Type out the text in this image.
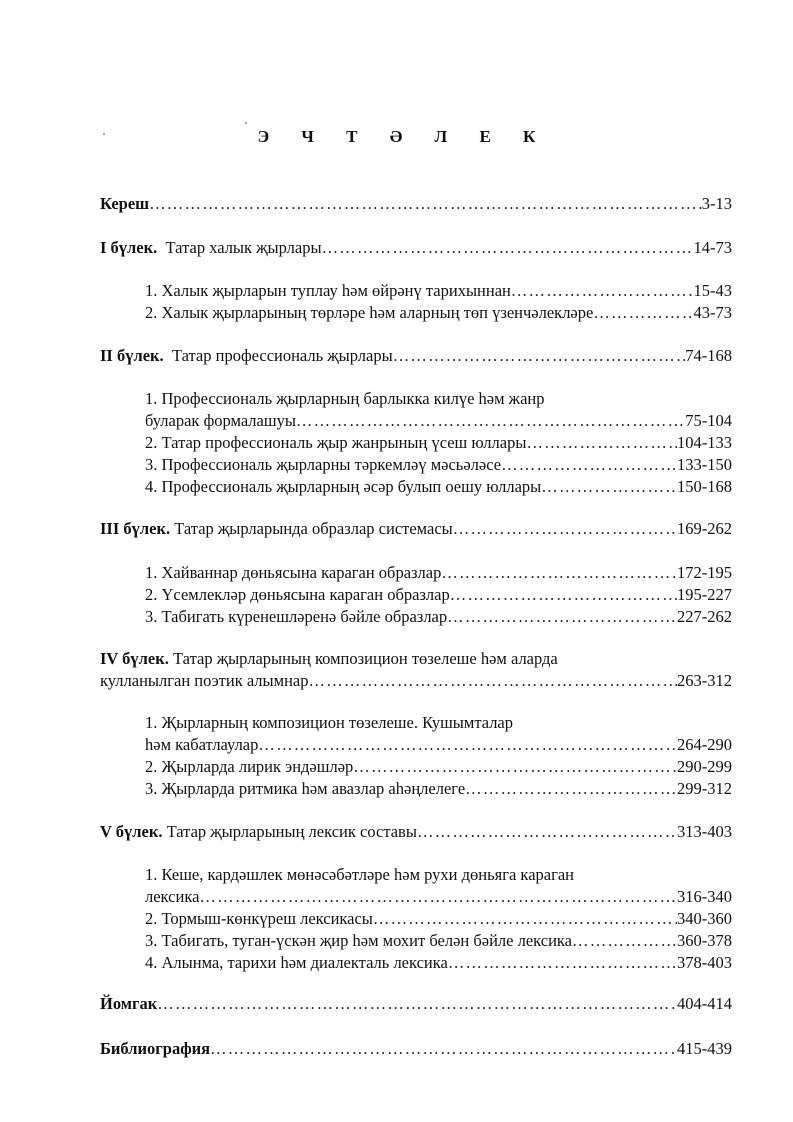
Э Ч Т Ә Л Е К
Кереш ……………………………………………………………………………………………………………………………………………………	3-13
I бүлек. Татар халык җырлары ……………………………………………………………………………………………………………………………………………………	14-73
1. Халык җырларын туплау һәм өйрәнү тарихыннан ……………………………………………………………………………………………………………………………………………………	15-43
2. Халык җырларының төрләре һәм аларның төп үзенчәлекләре ……………………………………………………………………………………………………………………………………………………	43-73
II бүлек. Татар профессиональ җырлары ……………………………………………………………………………………………………………………………………………………	74-168
1. Профессиональ җырларның барлыкка килүе һәм жанр
буларак формалашуы ……………………………………………………………………………………………………………………………………………………	75-104
2. Татар профессиональ җыр жанрының үсеш юллары ……………………………………………………………………………………………………………………………………………………	104-133
3. Профессиональ җырларны тәркемләү мәсьәләсе ……………………………………………………………………………………………………………………………………………………	133-150
4. Профессиональ җырларның әсәр булып оешу юллары ……………………………………………………………………………………………………………………………………………………	150-168
III бүлек. Татар җырларында образлар системасы ……………………………………………………………………………………………………………………………………………………	169-262
1. Хайваннар дөньясына караган образлар ……………………………………………………………………………………………………………………………………………………	172-195
2. Үсемлекләр дөньясына караган образлар ……………………………………………………………………………………………………………………………………………………	195-227
3. Табигать күренешләренә бәйле образлар ……………………………………………………………………………………………………………………………………………………	227-262
IV бүлек. Татар җырларының композицион төзелеше һәм аларда
кулланылган поэтик алымнар ……………………………………………………………………………………………………………………………………………………	263-312
1. Җырларның композицион төзелеше. Кушымталар
һәм кабатлаулар ……………………………………………………………………………………………………………………………………………………	264-290
2. Җырларда лирик эндәшләр ……………………………………………………………………………………………………………………………………………………	290-299
3. Җырларда ритмика һәм авазлар аһәңлелеге ……………………………………………………………………………………………………………………………………………………	299-312
V бүлек. Татар җырларының лексик составы ……………………………………………………………………………………………………………………………………………………	313-403
1. Кеше, кардәшлек мөнәсәбәтләре һәм рухи дөньяга караган
лексика ……………………………………………………………………………………………………………………………………………………	316-340
2. Тормыш-көнкүреш лексикасы ……………………………………………………………………………………………………………………………………………………	340-360
3. Табигать, туган-үскән җир һәм мохит белән бәйле лексика ……………………………………………………………………………………………………………………………………………………	360-378
4. Алынма, тарихи һәм диалекталь лексика ……………………………………………………………………………………………………………………………………………………	378-403
Йомгак ……………………………………………………………………………………………………………………………………………………	404-414
Библиография ……………………………………………………………………………………………………………………………………………………	415-439
